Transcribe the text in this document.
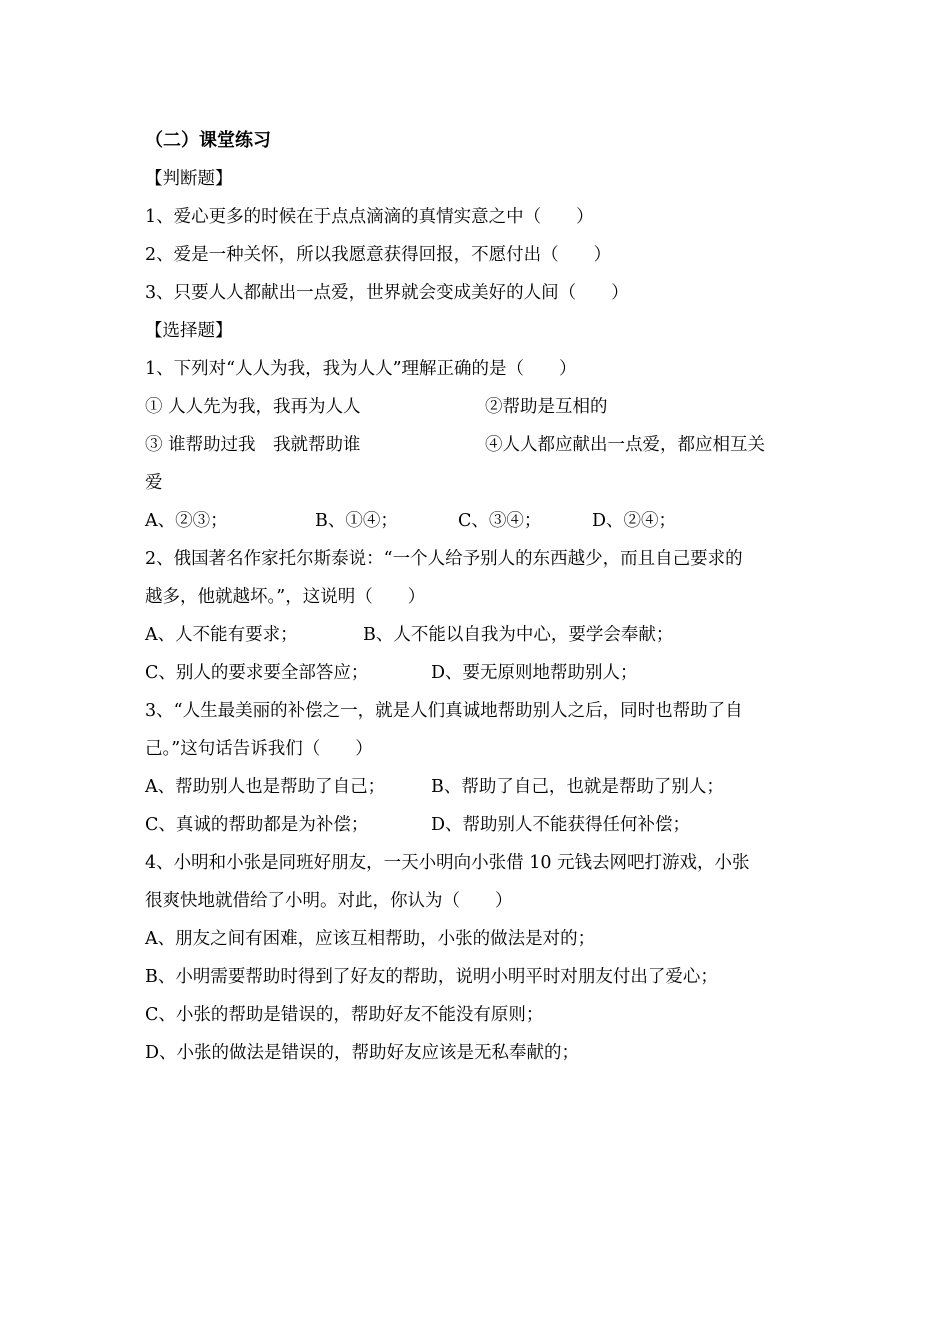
（二）课堂练习
【判断题】
1、爱心更多的时候在于点点滴滴的真情实意之中（　　）
2、爱是一种关怀，所以我愿意获得回报，不愿付出（　　）
3、只要人人都献出一点爱，世界就会变成美好的人间（　　）
【选择题】
1、下列对“人人为我，我为人人”理解正确的是（　　）
① 人人先为我，我再为人人	②帮助是互相的
③ 谁帮助过我　我就帮助谁	④人人都应献出一点爱，都应相互关
爱
A、②③；	B、①④；	C、③④；	D、②④；
2、俄国著名作家托尔斯泰说：“一个人给予别人的东西越少，而且自己要求的
越多，他就越坏。”，这说明（　　）
A、人不能有要求；	B、人不能以自我为中心，要学会奉献；
C、别人的要求要全部答应；	D、要无原则地帮助别人；
3、“人生最美丽的补偿之一，就是人们真诚地帮助别人之后，同时也帮助了自
己。”这句话告诉我们（　　）
A、帮助别人也是帮助了自己；	B、帮助了自己，也就是帮助了别人；
C、真诚的帮助都是为补偿；	D、帮助别人不能获得任何补偿；
4、小明和小张是同班好朋友，一天小明向小张借 10 元钱去网吧打游戏，小张
很爽快地就借给了小明。对此，你认为（　　）
A、朋友之间有困难，应该互相帮助，小张的做法是对的；
B、小明需要帮助时得到了好友的帮助，说明小明平时对朋友付出了爱心；
C、小张的帮助是错误的，帮助好友不能没有原则；
D、小张的做法是错误的，帮助好友应该是无私奉献的；
